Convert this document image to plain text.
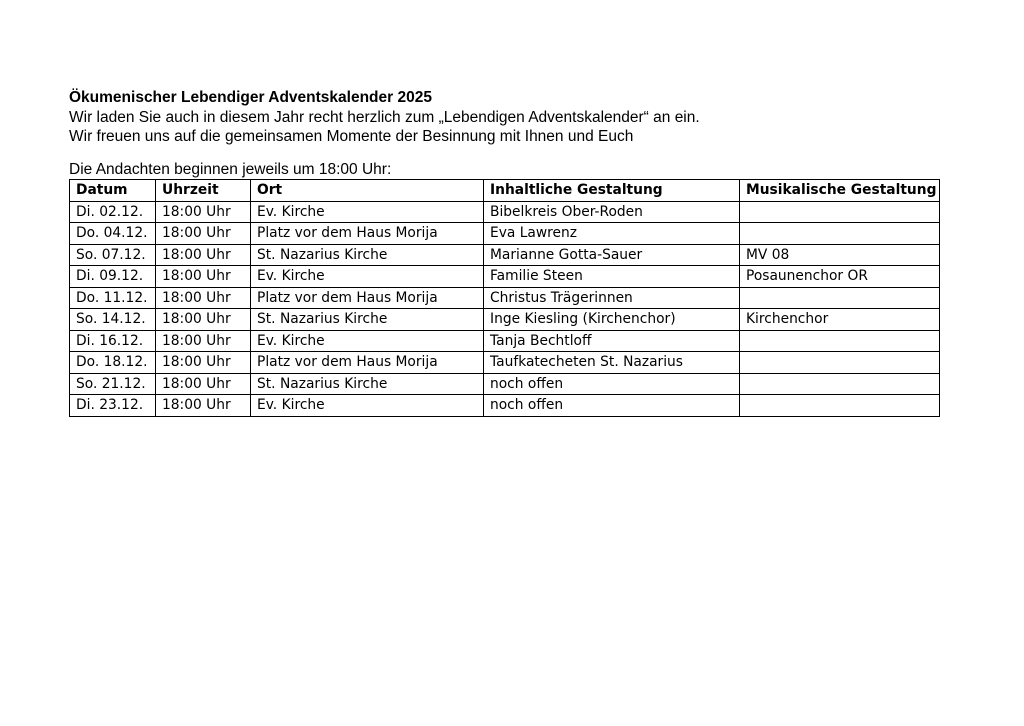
Ökumenischer Lebendiger Adventskalender 2025
Wir laden Sie auch in diesem Jahr recht herzlich zum „Lebendigen Adventskalender“ an ein.
Wir freuen uns auf die gemeinsamen Momente der Besinnung mit Ihnen und Euch
Die Andachten beginnen jeweils um 18:00 Uhr:
Datum	Uhrzeit	Ort	Inhaltliche Gestaltung	Musikalische Gestaltung
Di. 02.12.	18:00 Uhr	Ev. Kirche	Bibelkreis Ober-Roden	
Do. 04.12.	18:00 Uhr	Platz vor dem Haus Morija	Eva Lawrenz	
So. 07.12.	18:00 Uhr	St. Nazarius Kirche	Marianne Gotta-Sauer	MV 08
Di. 09.12.	18:00 Uhr	Ev. Kirche	Familie Steen	Posaunenchor OR
Do. 11.12.	18:00 Uhr	Platz vor dem Haus Morija	Christus Trägerinnen	
So. 14.12.	18:00 Uhr	St. Nazarius Kirche	Inge Kiesling (Kirchenchor)	Kirchenchor
Di. 16.12.	18:00 Uhr	Ev. Kirche	Tanja Bechtloff	
Do. 18.12.	18:00 Uhr	Platz vor dem Haus Morija	Taufkatecheten St. Nazarius	
So. 21.12.	18:00 Uhr	St. Nazarius Kirche	noch offen	
Di. 23.12.	18:00 Uhr	Ev. Kirche	noch offen	
